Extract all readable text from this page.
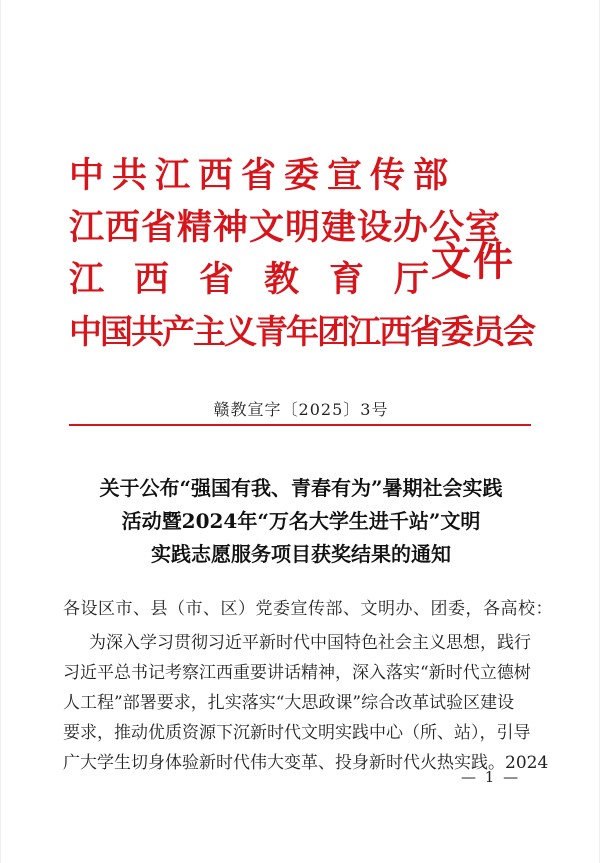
中共江西省委宣传部
江西省精神文明建设办公室
江西省教育厅
中国共产主义青年团江西省委员会
文件
赣教宣字〔2025〕3号
关于公布“强国有我、青春有为”暑期社会实践
活动暨2024年“万名大学生进千站”文明
实践志愿服务项目获奖结果的通知
各设区市、县（市、区）党委宣传部、文明办、团委，各高校：
为深入学习贯彻习近平新时代中国特色社会主义思想，践行
习近平总书记考察江西重要讲话精神，深入落实“新时代立德树
人工程”部署要求，扎实落实“大思政课”综合改革试验区建设
要求，推动优质资源下沉新时代文明实践中心（所、站），引导
广大学生切身体验新时代伟大变革、投身新时代火热实践。2024
— 1 —
